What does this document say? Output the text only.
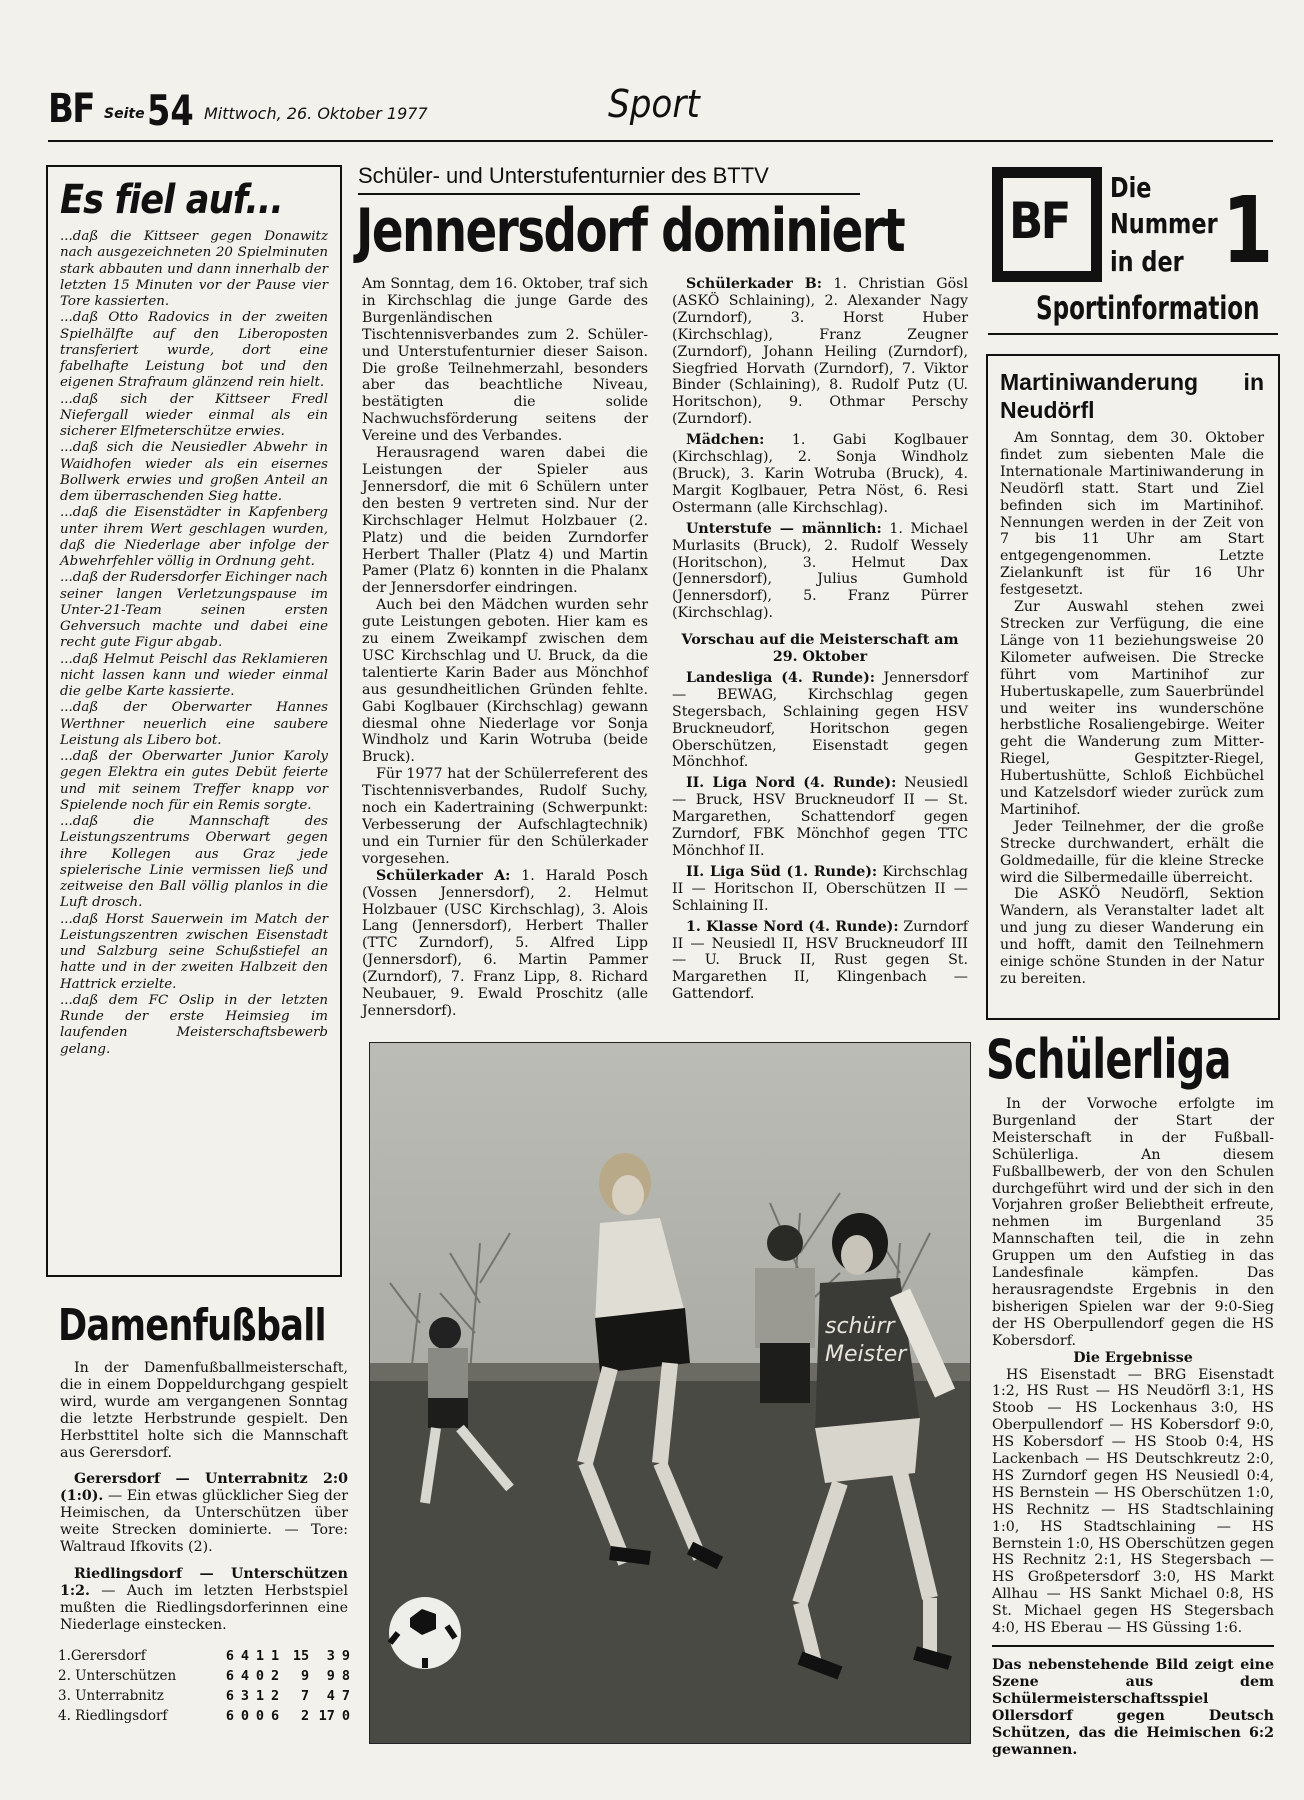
BF Seite 54 Mittwoch, 26. Oktober 1977	Sport
Es fiel auf...

...daß die Kittseer gegen Donawitz nach ausgezeichneten 20 Spielminuten stark abbauten und dann innerhalb der letzten 15 Minuten vor der Pause vier Tore kassierten.

...daß Otto Radovics in der zweiten Spielhälfte auf den Liberoposten transferiert wurde, dort eine fabelhafte Leistung bot und den eigenen Strafraum glänzend rein hielt.

...daß sich der Kittseer Fredl Niefergall wieder einmal als ein sicherer Elfmeterschütze erwies.

...daß sich die Neusiedler Abwehr in Waidhofen wieder als ein eisernes Bollwerk erwies und großen Anteil an dem überraschenden Sieg hatte.

...daß die Eisenstädter in Kapfenberg unter ihrem Wert geschlagen wurden, daß die Niederlage aber infolge der Abwehrfehler völlig in Ordnung geht.

...daß der Rudersdorfer Eichinger nach seiner langen Verletzungspause im Unter-21-Team seinen ersten Gehversuch machte und dabei eine recht gute Figur abgab.

...daß Helmut Peischl das Reklamieren nicht lassen kann und wieder einmal die gelbe Karte kassierte.

...daß der Oberwarter Hannes Werthner neuerlich eine saubere Leistung als Libero bot.

...daß der Oberwarter Junior Karoly gegen Elektra ein gutes Debüt feierte und mit seinem Treffer knapp vor Spielende noch für ein Remis sorgte.

...daß die Mannschaft des Leistungszentrums Oberwart gegen ihre Kollegen aus Graz jede spielerische Linie vermissen ließ und zeitweise den Ball völlig planlos in die Luft drosch.

...daß Horst Sauerwein im Match der Leistungszentren zwischen Eisenstadt und Salzburg seine Schußstiefel an hatte und in der zweiten Halbzeit den Hattrick erzielte.

...daß dem FC Oslip in der letzten Runde der erste Heimsieg im laufenden Meisterschaftsbewerb gelang.

Schüler- und Unterstufenturnier des BTTV
Jennersdorf dominiert

Am Sonntag, dem 16. Oktober, traf sich in Kirchschlag die junge Garde des Burgenländischen Tischtennisverbandes zum 2. Schüler- und Unterstufenturnier dieser Saison. Die große Teilnehmerzahl, besonders aber das beachtliche Niveau, bestätigten die solide Nachwuchsförderung seitens der Vereine und des Verbandes.

Herausragend waren dabei die Leistungen der Spieler aus Jennersdorf, die mit 6 Schülern unter den besten 9 vertreten sind. Nur der Kirchschlager Helmut Holzbauer (2. Platz) und die beiden Zurndorfer Herbert Thaller (Platz 4) und Martin Pamer (Platz 6) konnten in die Phalanx der Jennersdorfer eindringen.

Auch bei den Mädchen wurden sehr gute Leistungen geboten. Hier kam es zu einem Zweikampf zwischen dem USC Kirchschlag und U. Bruck, da die talentierte Karin Bader aus Mönchhof aus gesundheitlichen Gründen fehlte. Gabi Koglbauer (Kirchschlag) gewann diesmal ohne Niederlage vor Sonja Windholz und Karin Wotruba (beide Bruck).

Für 1977 hat der Schülerreferent des Tischtennisverbandes, Rudolf Suchy, noch ein Kadertraining (Schwerpunkt: Verbesserung der Aufschlagtechnik) und ein Turnier für den Schülerkader vorgesehen.

Schülerkader A: 1. Harald Posch (Vossen Jennersdorf), 2. Helmut Holzbauer (USC Kirchschlag), 3. Alois Lang (Jennersdorf), Herbert Thaller (TTC Zurndorf), 5. Alfred Lipp (Jennersdorf), 6. Martin Pammer (Zurndorf), 7. Franz Lipp, 8. Richard Neubauer, 9. Ewald Proschitz (alle Jennersdorf).

Schülerkader B: 1. Christian Gösl (ASKÖ Schlaining), 2. Alexander Nagy (Zurndorf), 3. Horst Huber (Kirchschlag), Franz Zeugner (Zurndorf), Johann Heiling (Zurndorf), Siegfried Horvath (Zurndorf), 7. Viktor Binder (Schlaining), 8. Rudolf Putz (U. Horitschon), 9. Othmar Perschy (Zurndorf).

Mädchen: 1. Gabi Koglbauer (Kirchschlag), 2. Sonja Windholz (Bruck), 3. Karin Wotruba (Bruck), 4. Margit Koglbauer, Petra Nöst, 6. Resi Ostermann (alle Kirchschlag).

Unterstufe — männlich: 1. Michael Murlasits (Bruck), 2. Rudolf Wessely (Horitschon), 3. Helmut Dax (Jennersdorf), Julius Gumhold (Jennersdorf), 5. Franz Pürrer (Kirchschlag).

Vorschau auf die Meisterschaft am 29. Oktober

Landesliga (4. Runde): Jennersdorf — BEWAG, Kirchschlag gegen Stegersbach, Schlaining gegen HSV Bruckneudorf, Horitschon gegen Oberschützen, Eisenstadt gegen Mönchhof.

II. Liga Nord (4. Runde): Neusiedl — Bruck, HSV Bruckneudorf II — St. Margarethen, Schattendorf gegen Zurndorf, FBK Mönchhof gegen TTC Mönchhof II.

II. Liga Süd (1. Runde): Kirchschlag II — Horitschon II, Oberschützen II — Schlaining II.

1. Klasse Nord (4. Runde): Zurndorf II — Neusiedl II, HSV Bruckneudorf III — U. Bruck II, Rust gegen St. Margarethen II, Klingenbach — Gattendorf.

BF
Die
Nummer
in der 1
Sportinformation
Martiniwanderung in Neudörfl

Am Sonntag, dem 30. Oktober findet zum siebenten Male die Internationale Martiniwanderung in Neudörfl statt. Start und Ziel befinden sich im Martinihof. Nennungen werden in der Zeit von 7 bis 11 Uhr am Start entgegengenommen. Letzte Zielankunft ist für 16 Uhr festgesetzt.

Zur Auswahl stehen zwei Strecken zur Verfügung, die eine Länge von 11 beziehungsweise 20 Kilometer aufweisen. Die Strecke führt vom Martinihof zur Hubertuskapelle, zum Sauerbründel und weiter ins wunderschöne herbstliche Rosaliengebirge. Weiter geht die Wanderung zum Mitter-Riegel, Gespitzter-Riegel, Hubertushütte, Schloß Eichbüchel und Katzelsdorf wieder zurück zum Martinihof.

Jeder Teilnehmer, der die große Strecke durchwandert, erhält die Goldmedaille, für die kleine Strecke wird die Silbermedaille überreicht.

Die ASKÖ Neudörfl, Sektion Wandern, als Veranstalter ladet alt und jung zu dieser Wanderung ein und hofft, damit den Teilnehmern einige schöne Stunden in der Natur zu bereiten.

Schülerliga

In der Vorwoche erfolgte im Burgenland der Start der Meisterschaft in der Fußball-Schülerliga. An diesem Fußballbewerb, der von den Schulen durchgeführt wird und der sich in den Vorjahren großer Beliebtheit erfreute, nehmen im Burgenland 35 Mannschaften teil, die in zehn Gruppen um den Aufstieg in das Landesfinale kämpfen. Das herausragendste Ergebnis in den bisherigen Spielen war der 9:0-Sieg der HS Oberpullendorf gegen die HS Kobersdorf.

Die Ergebnisse

HS Eisenstadt — BRG Eisenstadt 1:2, HS Rust — HS Neudörfl 3:1, HS Stoob — HS Lockenhaus 3:0, HS Oberpullendorf — HS Kobersdorf 9:0, HS Kobersdorf — HS Stoob 0:4, HS Lackenbach — HS Deutschkreutz 2:0, HS Zurndorf gegen HS Neusiedl 0:4, HS Bernstein — HS Oberschützen 1:0, HS Rechnitz — HS Stadtschlaining 1:0, HS Stadtschlaining — HS Bernstein 1:0, HS Oberschützen gegen HS Rechnitz 2:1, HS Stegersbach — HS Großpetersdorf 3:0, HS Markt Allhau — HS Sankt Michael 0:8, HS St. Michael gegen HS Stegersbach 4:0, HS Eberau — HS Güssing 1:6.

Das nebenstehende Bild zeigt eine Szene aus dem Schülermeisterschaftsspiel Ollersdorf gegen Deutsch Schützen, das die Heimischen 6:2 gewannen.

Damenfußball

In der Damenfußballmeisterschaft, die in einem Doppeldurchgang gespielt wird, wurde am vergangenen Sonntag die letzte Herbstrunde gespielt. Den Herbsttitel holte sich die Mannschaft aus Gerersdorf.

Gerersdorf — Unterrabnitz 2:0 (1:0). — Ein etwas glücklicher Sieg der Heimischen, da Unterschützen über weite Strecken dominierte. — Tore: Waltraud Ifkovits (2).

Riedlingsdorf — Unterschützen 1:2. — Auch im letzten Herbstspiel mußten die Riedlingsdorferinnen eine Niederlage einstecken.

1.Gerersdorf	6	4	1	1	15	3	9
2. Unterschützen	6	4	0	2	9	9	8
3. Unterrabnitz	6	3	1	2	7	4	7
4. Riedlingsdorf	6	0	0	6	2	17	0
schürr
Meister
